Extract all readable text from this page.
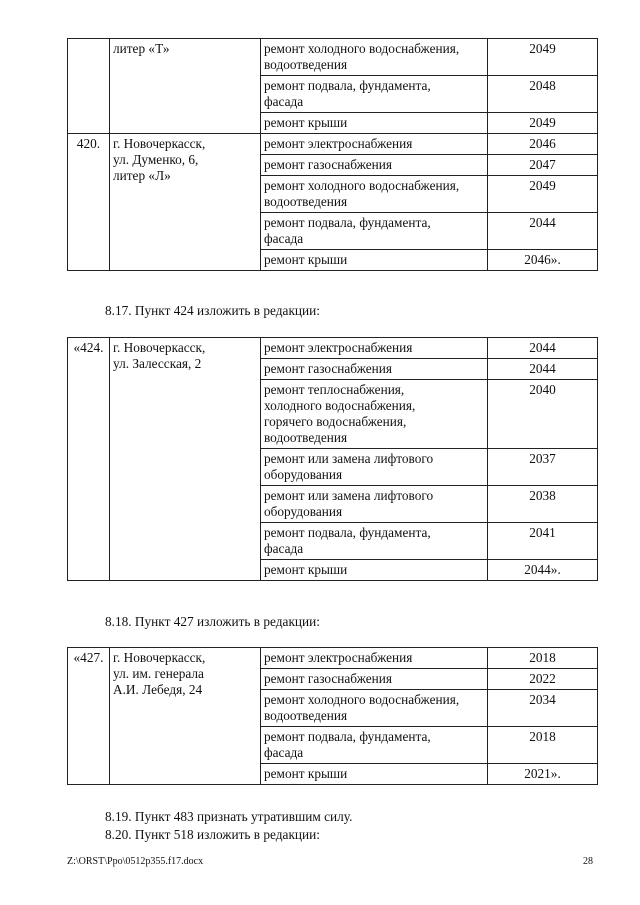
	литер «Т»	ремонт холодного водоснабжения,
водоотведения	2049
		ремонт подвала, фундамента,
фасада	2048
		ремонт крыши	2049
420.	г. Новочеркасск,
ул. Думенко, 6,
литер «Л»	ремонт электроснабжения	2046
		ремонт газоснабжения	2047
		ремонт холодного водоснабжения,
водоотведения	2049
		ремонт подвала, фундамента,
фасада	2044
		ремонт крыши	2046».
8.17. Пункт 424 изложить в редакции:
«424.	г. Новочеркасск,
ул. Залесская, 2	ремонт электроснабжения	2044
		ремонт газоснабжения	2044
		ремонт теплоснабжения,
холодного водоснабжения,
горячего водоснабжения,
водоотведения	2040
		ремонт или замена лифтового
оборудования	2037
		ремонт или замена лифтового
оборудования	2038
		ремонт подвала, фундамента,
фасада	2041
		ремонт крыши	2044».
8.18. Пункт 427 изложить в редакции:
«427.	г. Новочеркасск,
ул. им. генерала
А.И. Лебедя, 24	ремонт электроснабжения	2018
		ремонт газоснабжения	2022
		ремонт холодного водоснабжения,
водоотведения	2034
		ремонт подвала, фундамента,
фасада	2018
		ремонт крыши	2021».
8.19. Пункт 483 признать утратившим силу.
8.20. Пункт 518 изложить в редакции:
Z:\ORST\Ppo\0512p355.f17.docx	28
